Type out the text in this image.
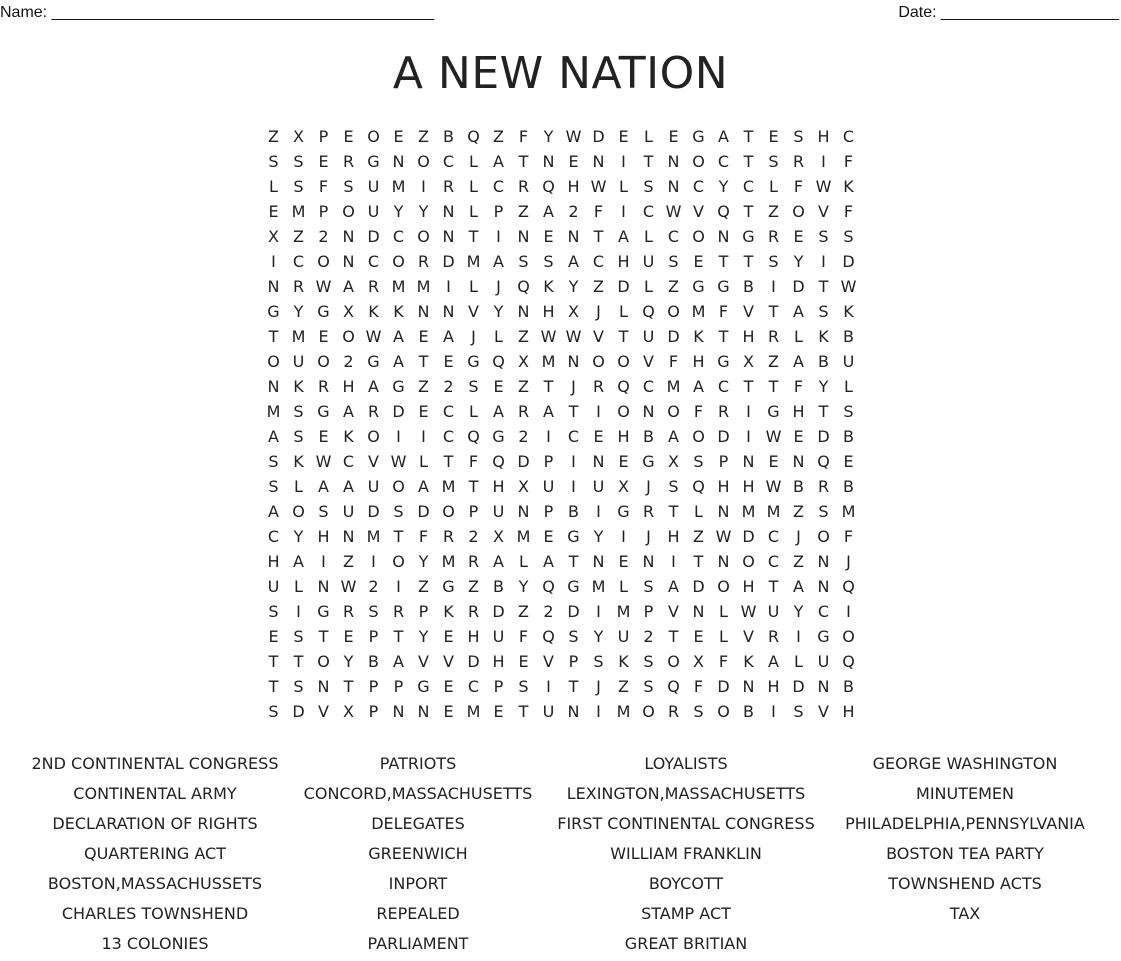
Name: ___________________________________________	Date: ____________________
A NEW NATION
Z X P E O E Z B Q Z F Y W D E L E G A T E S H C
S S E R G N O C L A T N E N	I	T N O C T S R	I	F
L S F S U M I	R L C R Q H W L S N C Y C L F W K
E M P O U Y Y N L P Z A 2 F	I	C W V Q T Z O V F
X Z 2 N D C O N T	I	N E N T A L C O N G R E S S
I	C O N C O R D M A S S A C H U S E T T S Y	I	D
N R W A R M M I	L	J	Q K Y Z D L Z G G B	I	D T W
G Y G X K K N N V Y N H X	J	L Q O M F V T A S K
T M E O W A E A	J	L Z W W V T U D K T H R L K B
O U O 2 G A T E G Q X M N O O V F H G X Z A B U
N K R H A G Z 2 S E Z T	J	R Q C M A C T T F Y L
M S G A R D E C L A R A T	I	O N O F R	I	G H T S
A S E K O	I	I	C Q G 2	I	C E H B A O D	I W E D B
S K W C V W L T F Q D P	I	N E G X S P N E N Q E
S L A A U O A M T H X U	I	U X	J	S Q H H W B R B
A O S U D S D O P U N P B	I	G R T L N M M Z S M
C Y H N M T F R 2 X M E G Y	I	J	H Z W D C	J	O F
H A	I	Z	I	O Y M R A L A T N E N	I	T N O C Z N	J
U L N W 2	I	Z G Z B Y Q G M L S A D O H T A N Q
S	I	G R S R P K R D Z 2 D	I M P V N L W U Y C	I
E S T E P T Y E H U F Q S Y U 2 T E L V R	I	G O
T T O Y B A V V D H E V P S K S O X F K A L U Q
T S N T P P G E C P S	I	T	J	Z S Q F D N H D N B
S D V X P N N E M E T U N	I M O R S O B	I	S V H
2ND CONTINENTAL CONGRESS
CONTINENTAL ARMY
DECLARATION OF RIGHTS
QUARTERING ACT
BOSTON,MASSACHUSSETS
CHARLES TOWNSHEND
13 COLONIES
PATRIOTS
CONCORD,MASSACHUSETTS
DELEGATES
GREENWICH
INPORT
REPEALED
PARLIAMENT
LOYALISTS
LEXINGTON,MASSACHUSETTS
FIRST CONTINENTAL CONGRESS
WILLIAM FRANKLIN
BOYCOTT
STAMP ACT
GREAT BRITIAN
GEORGE WASHINGTON
MINUTEMEN
PHILADELPHIA,PENNSYLVANIA
BOSTON TEA PARTY
TOWNSHEND ACTS
TAX
